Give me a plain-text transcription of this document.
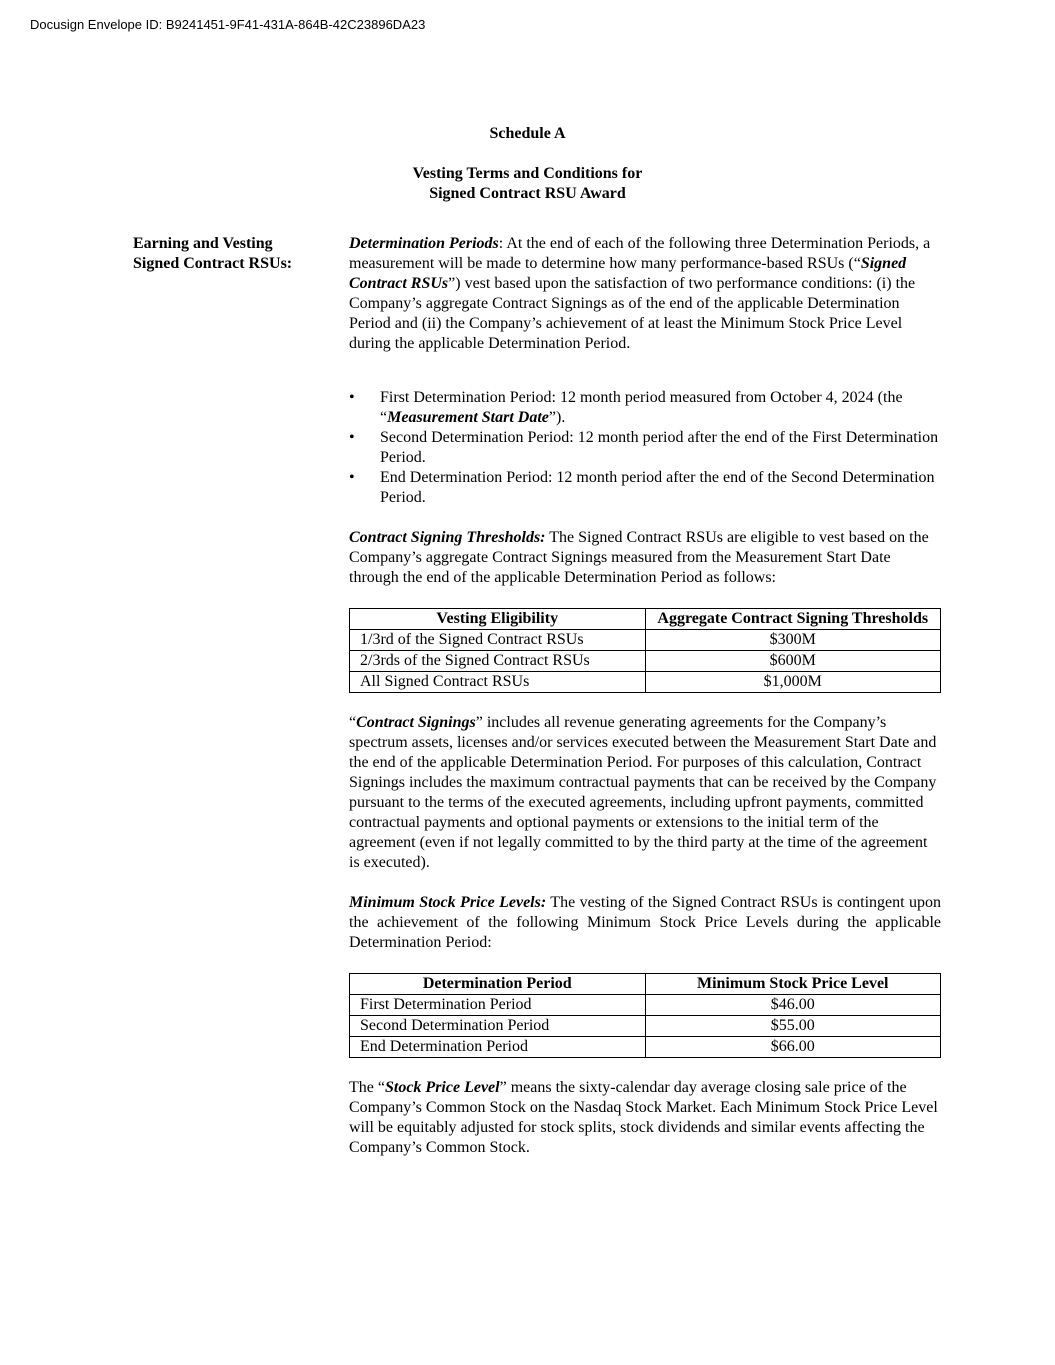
Docusign Envelope ID: B9241451-9F41-431A-864B-42C23896DA23
Schedule A
Vesting Terms and Conditions for
Signed Contract RSU Award
Earning and Vesting
Signed Contract RSUs:

Determination Periods: At the end of each of the following three Determination Periods, a measurement will be made to determine how many performance-based RSUs (“Signed Contract RSUs”) vest based upon the satisfaction of two performance conditions: (i) the Company’s aggregate Contract Signings as of the end of the applicable Determination Period and (ii) the Company’s achievement of at least the Minimum Stock Price Level during the applicable Determination Period.

• First Determination Period: 12 month period measured from October 4, 2024 (the “Measurement Start Date”).
• Second Determination Period: 12 month period after the end of the First Determination Period.
• End Determination Period: 12 month period after the end of the Second Determination Period.

Contract Signing Thresholds: The Signed Contract RSUs are eligible to vest based on the Company’s aggregate Contract Signings measured from the Measurement Start Date through the end of the applicable Determination Period as follows:

Vesting Eligibility	Aggregate Contract Signing Thresholds
1/3rd of the Signed Contract RSUs	$300M
2/3rds of the Signed Contract RSUs	$600M
All Signed Contract RSUs	$1,000M

“Contract Signings” includes all revenue generating agreements for the Company’s spectrum assets, licenses and/or services executed between the Measurement Start Date and the end of the applicable Determination Period. For purposes of this calculation, Contract Signings includes the maximum contractual payments that can be received by the Company pursuant to the terms of the executed agreements, including upfront payments, committed contractual payments and optional payments or extensions to the initial term of the agreement (even if not legally committed to by the third party at the time of the agreement is executed).

Minimum Stock Price Levels: The vesting of the Signed Contract RSUs is contingent upon the achievement of the following Minimum Stock Price Levels during the applicable Determination Period:

Determination Period	Minimum Stock Price Level
First Determination Period	$46.00
Second Determination Period	$55.00
End Determination Period	$66.00

The “Stock Price Level” means the sixty-calendar day average closing sale price of the Company’s Common Stock on the Nasdaq Stock Market. Each Minimum Stock Price Level will be equitably adjusted for stock splits, stock dividends and similar events affecting the Company’s Common Stock.
